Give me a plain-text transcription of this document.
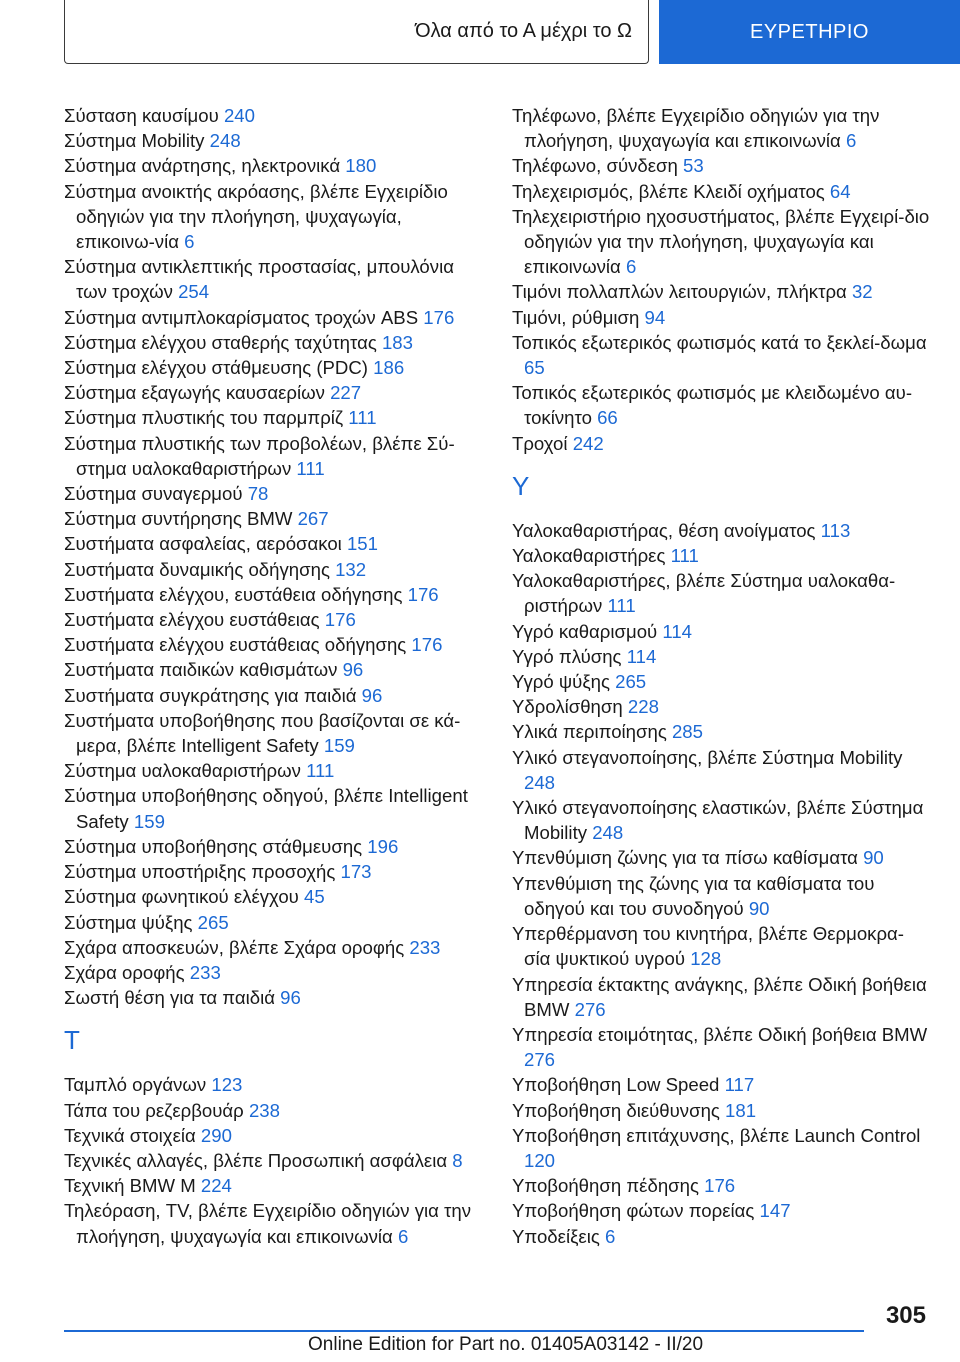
Όλα από το Α μέχρι το Ω	ΕΥΡΕΤΗΡΙΟ
Σύσταση καυσίμου 240
Σύστημα Mobility 248
Σύστημα ανάρτησης, ηλεκτρονικά 180
Σύστημα ανοικτής ακρόασης, βλέπε Εγχειρίδιο οδηγιών για την πλοήγηση, ψυχαγωγία, επικοινω-νία 6
Σύστημα αντικλεπτικής προστασίας, μπουλόνια των τροχών 254
Σύστημα αντιμπλοκαρίσματος τροχών ABS 176
Σύστημα ελέγχου σταθερής ταχύτητας 183
Σύστημα ελέγχου στάθμευσης (PDC) 186
Σύστημα εξαγωγής καυσαερίων 227
Σύστημα πλυστικής του παρμπρίζ 111
Σύστημα πλυστικής των προβολέων, βλέπε Σύ-στημα υαλοκαθαριστήρων 111
Σύστημα συναγερμού 78
Σύστημα συντήρησης BMW 267
Συστήματα ασφαλείας, αερόσακοι 151
Συστήματα δυναμικής οδήγησης 132
Συστήματα ελέγχου, ευστάθεια οδήγησης 176
Συστήματα ελέγχου ευστάθειας 176
Συστήματα ελέγχου ευστάθειας οδήγησης 176
Συστήματα παιδικών καθισμάτων 96
Συστήματα συγκράτησης για παιδιά 96
Συστήματα υποβοήθησης που βασίζονται σε κά-μερα, βλέπε Intelligent Safety 159
Σύστημα υαλοκαθαριστήρων 111
Σύστημα υποβοήθησης οδηγού, βλέπε Intelligent Safety 159
Σύστημα υποβοήθησης στάθμευσης 196
Σύστημα υποστήριξης προσοχής 173
Σύστημα φωνητικού ελέγχου 45
Σύστημα ψύξης 265
Σχάρα αποσκευών, βλέπε Σχάρα οροφής 233
Σχάρα οροφής 233
Σωστή θέση για τα παιδιά 96
Τ
Ταμπλό οργάνων 123
Τάπα του ρεζερβουάρ 238
Τεχνικά στοιχεία 290
Τεχνικές αλλαγές, βλέπε Προσωπική ασφάλεια 8
Τεχνική BMW M 224
Τηλεόραση, TV, βλέπε Εγχειρίδιο οδηγιών για την πλοήγηση, ψυχαγωγία και επικοινωνία 6
Τηλέφωνο, βλέπε Εγχειρίδιο οδηγιών για την πλοήγηση, ψυχαγωγία και επικοινωνία 6
Τηλέφωνο, σύνδεση 53
Τηλεχειρισμός, βλέπε Κλειδί οχήματος 64
Τηλεχειριστήριο ηχοσυστήματος, βλέπε Εγχειρί-διο οδηγιών για την πλοήγηση, ψυχαγωγία και επικοινωνία 6
Τιμόνι πολλαπλών λειτουργιών, πλήκτρα 32
Τιμόνι, ρύθμιση 94
Τοπικός εξωτερικός φωτισμός κατά το ξεκλεί-δωμα 65
Τοπικός εξωτερικός φωτισμός με κλειδωμένο αυ-τοκίνητο 66
Τροχοί 242
Υ
Υαλοκαθαριστήρας, θέση ανοίγματος 113
Υαλοκαθαριστήρες 111
Υαλοκαθαριστήρες, βλέπε Σύστημα υαλοκαθα-ριστήρων 111
Υγρό καθαρισμού 114
Υγρό πλύσης 114
Υγρό ψύξης 265
Υδρολίσθηση 228
Υλικά περιποίησης 285
Υλικό στεγανοποίησης, βλέπε Σύστημα Mobility 248
Υλικό στεγανοποίησης ελαστικών, βλέπε Σύστημα Mobility 248
Υπενθύμιση ζώνης για τα πίσω καθίσματα 90
Υπενθύμιση της ζώνης για τα καθίσματα του οδηγού και του συνοδηγού 90
Υπερθέρμανση του κινητήρα, βλέπε Θερμοκρα-σία ψυκτικού υγρού 128
Υπηρεσία έκτακτης ανάγκης, βλέπε Οδική βοήθεια BMW 276
Υπηρεσία ετοιμότητας, βλέπε Οδική βοήθεια BMW 276
Υποβοήθηση Low Speed 117
Υποβοήθηση διεύθυνσης 181
Υποβοήθηση επιτάχυνσης, βλέπε Launch Control 120
Υποβοήθηση πέδησης 176
Υποβοήθηση φώτων πορείας 147
Υποδείξεις 6
305
Online Edition for Part no. 01405A03142 - II/20
